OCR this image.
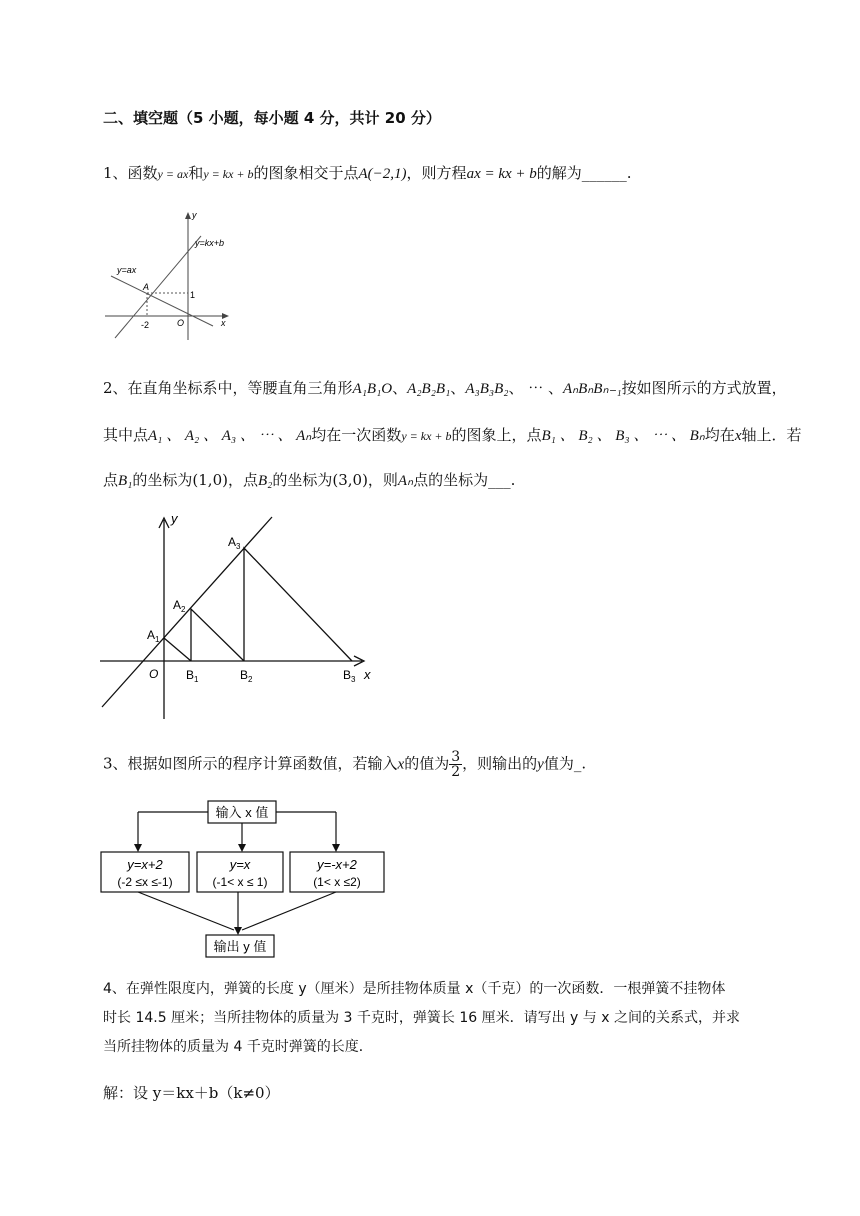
二、填空题（5 小题，每小题 4 分，共计 20 分）
1、函数y = ax和y = kx + b的图象相交于点A(−2,1)，则方程ax = kx + b的解为______.
y
x
y=kx+b
y=ax
A
1
-2	O
2、在直角坐标系中，等腰直角三角形A₁B₁O、A₂B₂B₁、A₃B₃B₂、 ⋯ 、AₙBₙBₙ₋₁按如图所示的方式放置，
其中点A₁ 、 A₂ 、 A₃ 、 ⋯ 、 Aₙ均在一次函数y = kx + b的图象上，点B₁ 、 B₂ 、 B₃ 、 ⋯ 、 Bₙ均在x轴上．若
点B₁的坐标为(1,0)，点B₂的坐标为(3,0)，则Aₙ点的坐标为___.
y
x
O
$A_1$
$A_2$
$A_3$
$B_1$	$B_2$	$B_3$
3、根据如图所示的程序计算函数值，若输入x的值为 $\frac{3}{2}$ ，则输出的y值为_.
输入 x 值
y=x+2
(-2 ≤x ≤-1)
y=x
(-1< x ≤ 1)
y=-x+2
(1< x ≤2)
输出 y 值
4、在弹性限度内，弹簧的长度 y（厘米）是所挂物体质量 x（千克）的一次函数．一根弹簧不挂物体
时长 14.5 厘米；当所挂物体的质量为 3 千克时，弹簧长 16 厘米．请写出 y 与 x 之间的关系式，并求
当所挂物体的质量为 4 千克时弹簧的长度．
解：设 y＝kx＋b（k≠0）
